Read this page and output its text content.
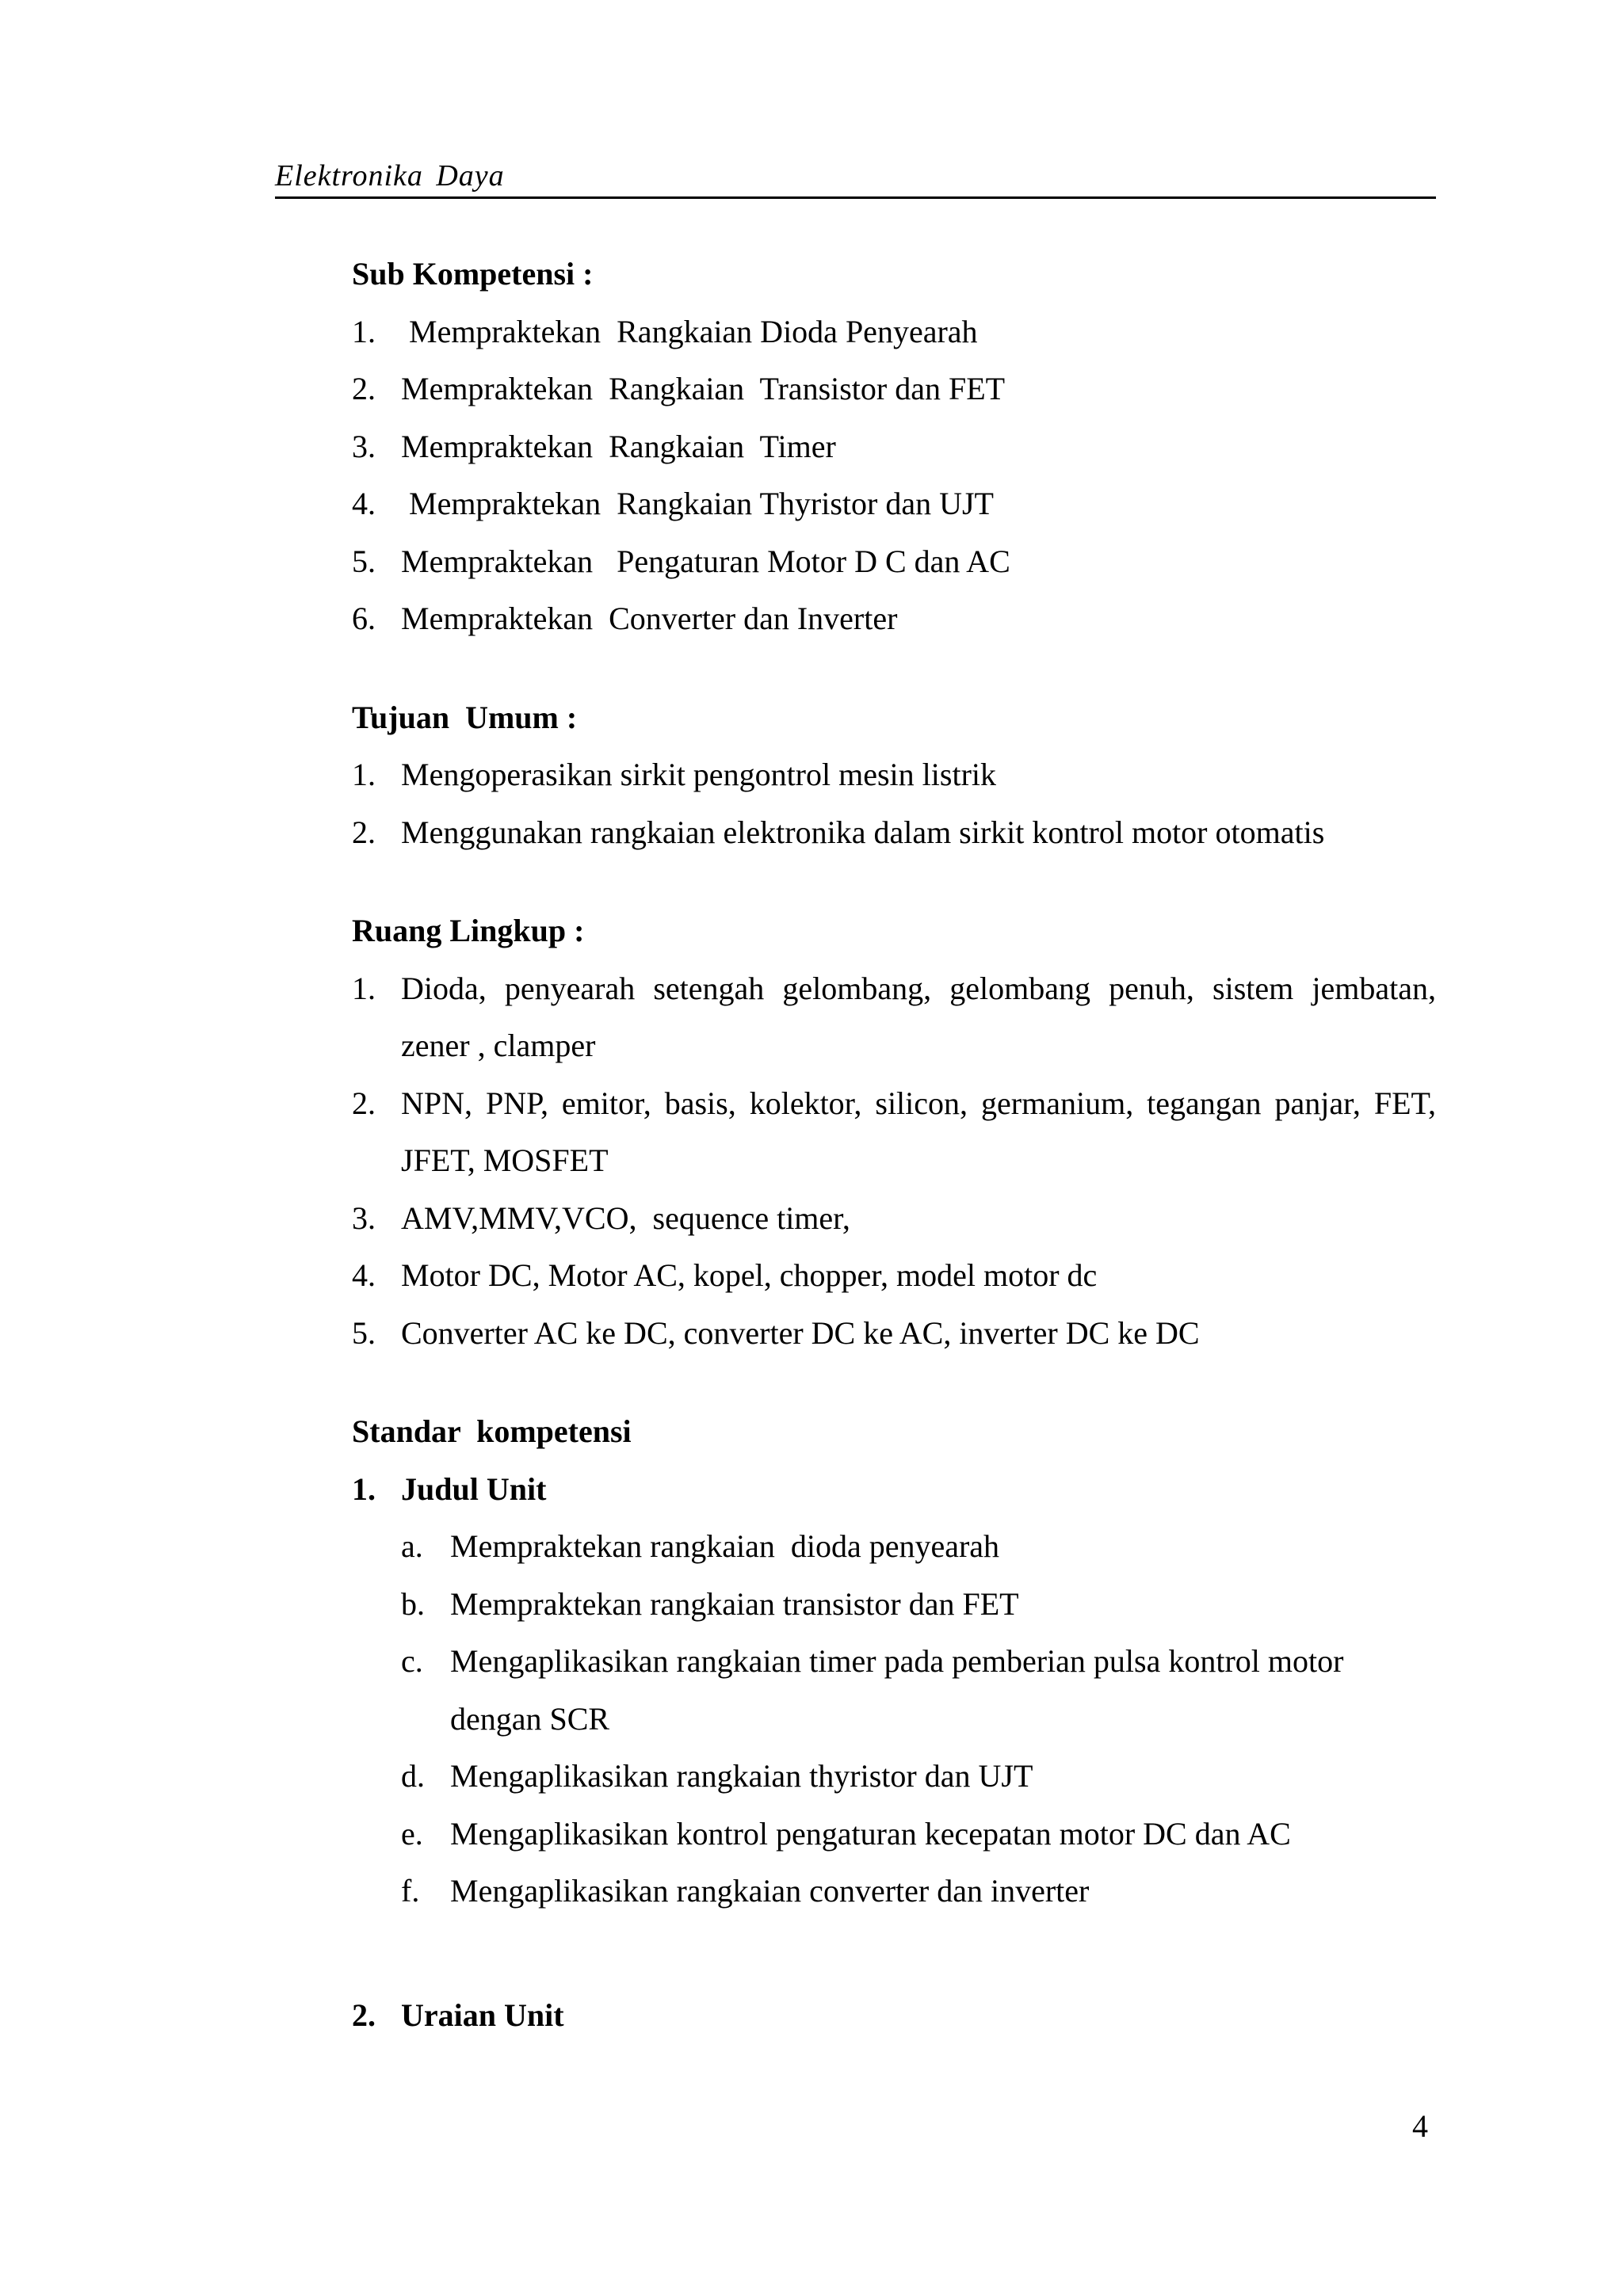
Elektronika Daya

Sub Kompetensi :

1. Mempraktekan  Rangkaian Dioda Penyearah
2. Mempraktekan  Rangkaian  Transistor dan FET
3. Mempraktekan  Rangkaian  Timer
4. Mempraktekan  Rangkaian Thyristor dan UJT
5. Mempraktekan   Pengaturan Motor D C dan AC
6. Mempraktekan  Converter dan Inverter

Tujuan  Umum :

1. Mengoperasikan sirkit pengontrol mesin listrik
2. Menggunakan rangkaian elektronika dalam sirkit kontrol motor otomatis

Ruang Lingkup :

1. Dioda, penyearah setengah gelombang, gelombang penuh, sistem jembatan, zener , clamper
2. NPN, PNP, emitor, basis, kolektor, silicon, germanium, tegangan panjar, FET, JFET, MOSFET
3. AMV,MMV,VCO,  sequence timer,
4. Motor DC, Motor AC, kopel, chopper, model motor dc
5. Converter AC ke DC, converter DC ke AC, inverter DC ke DC

Standar  kompetensi

1. Judul Unit
a. Mempraktekan rangkaian  dioda penyearah
b. Mempraktekan rangkaian transistor dan FET
c. Mengaplikasikan rangkaian timer pada pemberian pulsa kontrol motor dengan SCR
d. Mengaplikasikan rangkaian thyristor dan UJT
e. Mengaplikasikan kontrol pengaturan kecepatan motor DC dan AC
f. Mengaplikasikan rangkaian converter dan inverter
2. Uraian Unit
4
